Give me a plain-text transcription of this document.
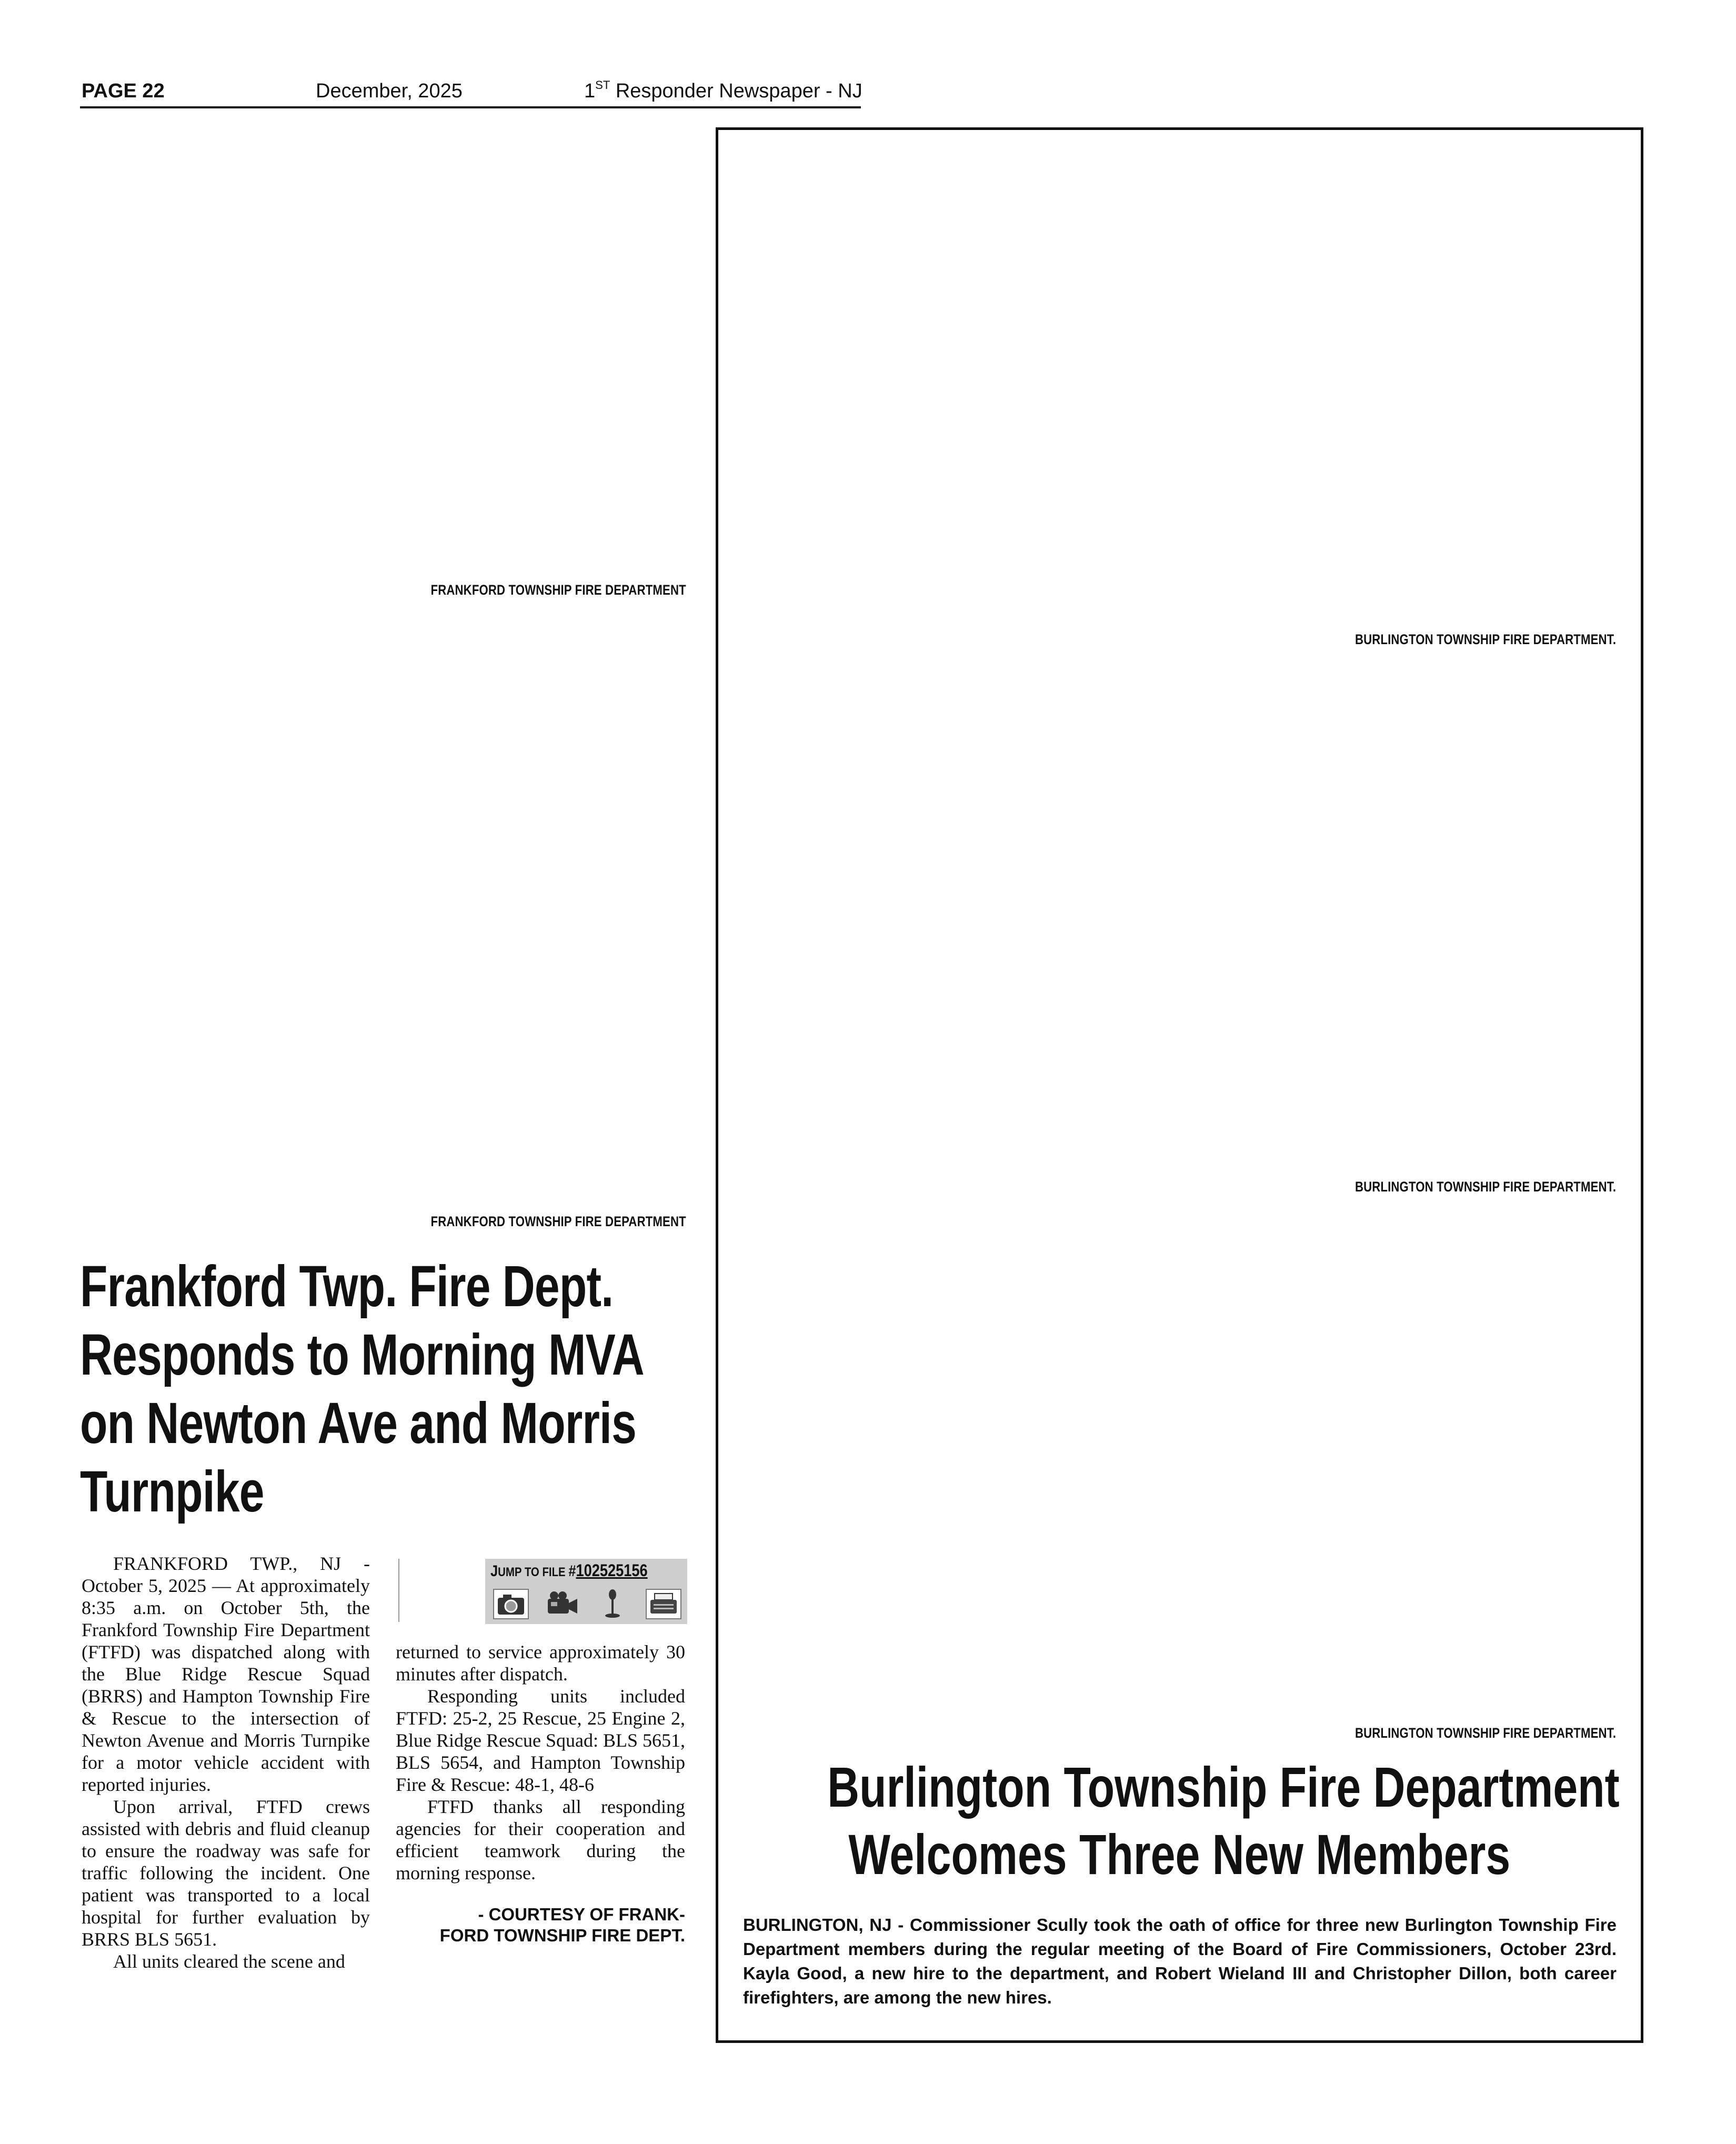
PAGE 22	December, 2025	1ST Responder Newspaper - NJ
FRANKFORD TOWNSHIP FIRE DEPARTMENT
FRANKFORD TOWNSHIP FIRE DEPARTMENT
Frankford Twp. Fire Dept.
Responds to Morning MVA
on Newton Ave and Morris
Turnpike

FRANKFORD TWP., NJ - October 5, 2025 — At approximately 8:35 a.m. on October 5th, the Frankford Township Fire Department (FTFD) was dispatched along with the Blue Ridge Rescue Squad (BRRS) and Hampton Township Fire & Rescue to the intersection of Newton Avenue and Morris Turnpike for a motor vehicle accident with reported injuries.

Upon arrival, FTFD crews assisted with debris and fluid cleanup to ensure the roadway was safe for traffic following the incident. One patient was transported to a local hospital for further evaluation by BRRS BLS 5651.

All units cleared the scene and

JUMP TO FILE #102525156

returned to service approximately 30 minutes after dispatch.

Responding units included FTFD: 25-2, 25 Rescue, 25 Engine 2, Blue Ridge Rescue Squad: BLS 5651, BLS 5654, and Hampton Township Fire & Rescue: 48-1, 48-6

FTFD thanks all responding agencies for their cooperation and efficient teamwork during the morning response.

- COURTESY OF FRANK-
FORD TOWNSHIP FIRE DEPT.
BURLINGTON TOWNSHIP FIRE DEPARTMENT.
BURLINGTON TOWNSHIP FIRE DEPARTMENT.
BURLINGTON TOWNSHIP FIRE DEPARTMENT.
Burlington Township Fire Department
Welcomes Three New Members
BURLINGTON, NJ - Commissioner Scully took the oath of office for three new Burlington Township Fire Department members during the regular meeting of the Board of Fire Commissioners, October 23rd. Kayla Good, a new hire to the department, and Robert Wieland III and Christopher Dillon, both career firefighters, are among the new hires.
